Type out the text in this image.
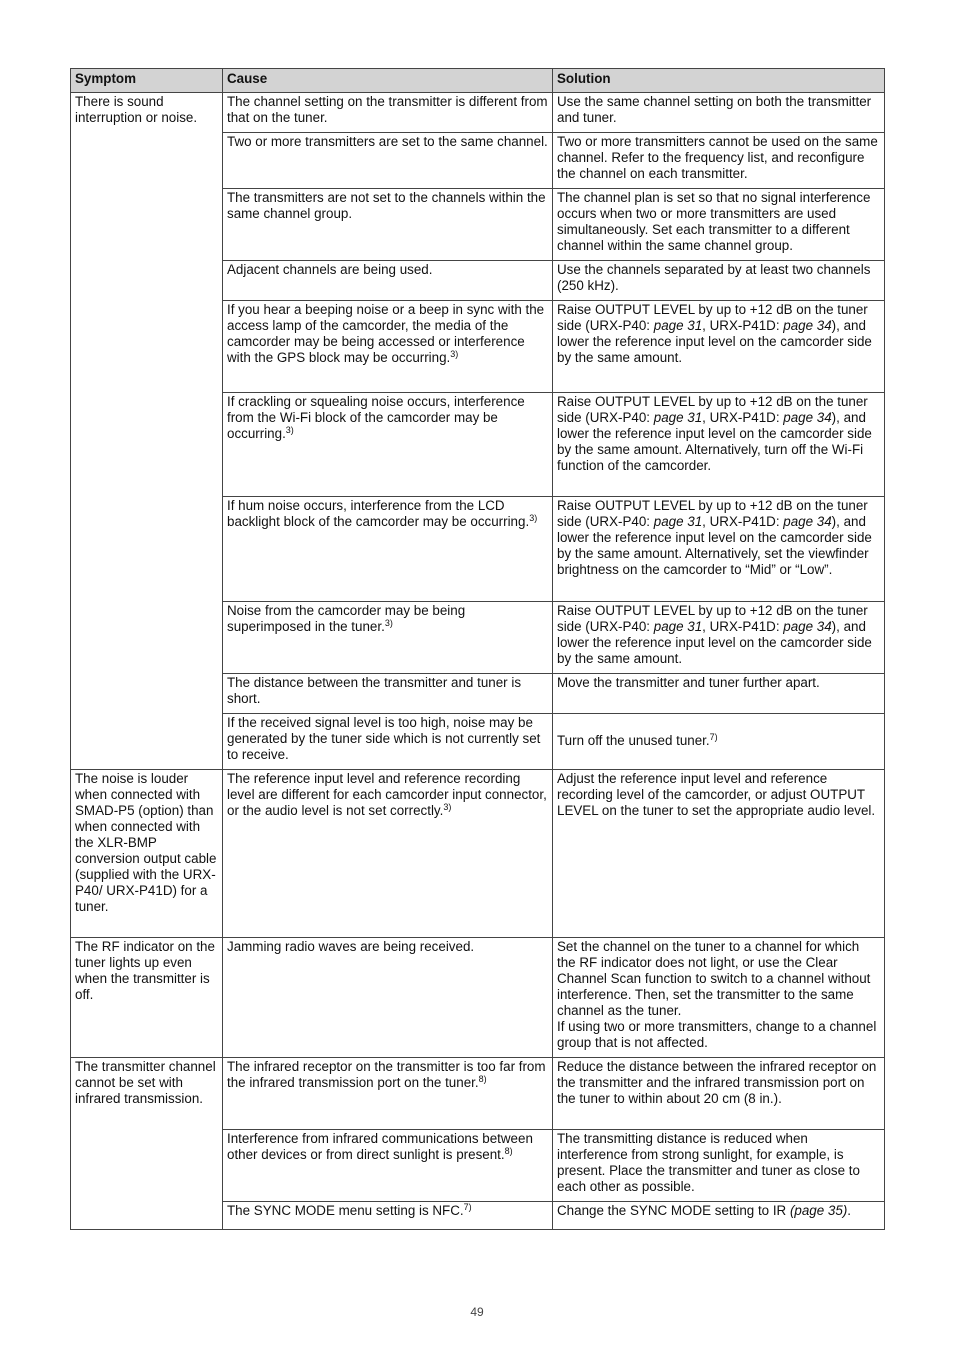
Symptom	Cause	Solution
There is sound interruption or noise.	The channel setting on the transmitter is different from that on the tuner.	Use the same channel setting on both the transmitter and tuner.
	Two or more transmitters are set to the same channel.	Two or more transmitters cannot be used on the same channel. Refer to the frequency list, and reconfigure the channel on each transmitter.
	The transmitters are not set to the channels within the same channel group.	The channel plan is set so that no signal interference occurs when two or more transmitters are used simultaneously. Set each transmitter to a different channel within the same channel group.
	Adjacent channels are being used.	Use the channels separated by at least two channels (250 kHz).
	If you hear a beeping noise or a beep in sync with the access lamp of the camcorder, the media of the camcorder may be being accessed or interference with the GPS block may be occurring.$^{3)}$	Raise OUTPUT LEVEL by up to +12 dB on the tuner side (URX-P40: page 31, URX-P41D: page 34), and lower the reference input level on the camcorder side by the same amount.
	If crackling or squealing noise occurs, interference from the Wi-Fi block of the camcorder may be occurring.$^{3)}$	Raise OUTPUT LEVEL by up to +12 dB on the tuner side (URX-P40: page 31, URX-P41D: page 34), and lower the reference input level on the camcorder side by the same amount. Alternatively, turn off the Wi-Fi function of the camcorder.
	If hum noise occurs, interference from the LCD backlight block of the camcorder may be occurring.$^{3)}$	Raise OUTPUT LEVEL by up to +12 dB on the tuner side (URX-P40: page 31, URX-P41D: page 34), and lower the reference input level on the camcorder side by the same amount. Alternatively, set the viewfinder brightness on the camcorder to “Mid” or “Low”.
	Noise from the camcorder may be being superimposed in the tuner.$^{3)}$	Raise OUTPUT LEVEL by up to +12 dB on the tuner side (URX-P40: page 31, URX-P41D: page 34), and lower the reference input level on the camcorder side by the same amount.
	The distance between the transmitter and tuner is short.	Move the transmitter and tuner further apart.
	If the received signal level is too high, noise may be generated by the tuner side which is not currently set to receive.	Turn off the unused tuner.$^{7)}$
The noise is louder when connected with SMAD-P5 (option) than when connected with the XLR-BMP conversion output cable (supplied with the URX-P40/ URX-P41D) for a tuner.	The reference input level and reference recording level are different for each camcorder input connector, or the audio level is not set correctly.$^{3)}$	Adjust the reference input level and reference recording level of the camcorder, or adjust OUTPUT LEVEL on the tuner to set the appropriate audio level.
The RF indicator on the tuner lights up even when the transmitter is off.	Jamming radio waves are being received.	Set the channel on the tuner to a channel for which the RF indicator does not light, or use the Clear Channel Scan function to switch to a channel without interference. Then, set the transmitter to the same channel as the tuner.
If using two or more transmitters, change to a channel group that is not affected.
The transmitter channel cannot be set with infrared transmission.	The infrared receptor on the transmitter is too far from the infrared transmission port on the tuner.$^{8)}$	Reduce the distance between the infrared receptor on the transmitter and the infrared transmission port on the tuner to within about 20 cm (8 in.).
	Interference from infrared communications between other devices or from direct sunlight is present.$^{8)}$	The transmitting distance is reduced when interference from strong sunlight, for example, is present. Place the transmitter and tuner as close to each other as possible.
	The SYNC MODE menu setting is NFC.$^{7)}$	Change the SYNC MODE setting to IR (page 35).
49
